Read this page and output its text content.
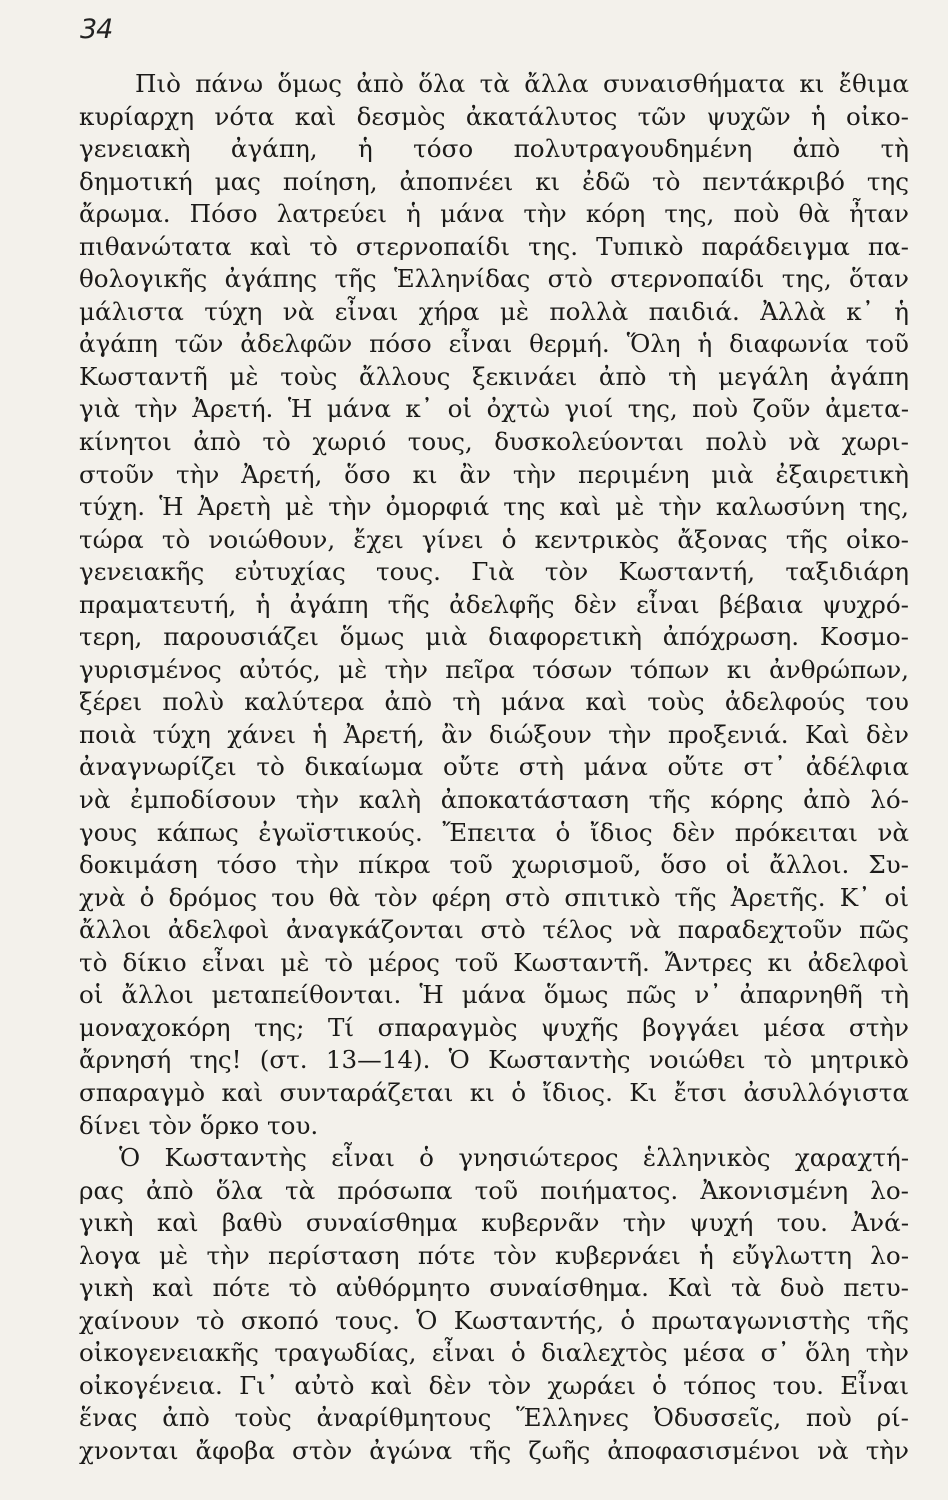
34
Πιὸ πάνω ὅμως ἀπὸ ὅλα τὰ ἄλλα συναισθήματα κι ἔθιμα
κυρίαρχη νότα καὶ δεσμὸς ἀκατάλυτος τῶν ψυχῶν ἡ οἰκο-
γενειακὴ ἀγάπη, ἡ τόσο πολυτραγουδημένη ἀπὸ τὴ
δημοτική μας ποίηση, ἀποπνέει κι ἐδῶ τὸ πεντάκριβό της
ἄρωμα. Πόσο λατρεύει ἡ μάνα τὴν κόρη της, ποὺ θὰ ἦταν
πιθανώτατα καὶ τὸ στερνοπαίδι της. Τυπικὸ παράδειγμα πα-
θολογικῆς ἀγάπης τῆς Ἑλληνίδας στὸ στερνοπαίδι της, ὅταν
μάλιστα τύχη νὰ εἶναι χήρα μὲ πολλὰ παιδιά. Ἀλλὰ κ᾿ ἡ
ἀγάπη τῶν ἀδελφῶν πόσο εἶναι θερμή. Ὅλη ἡ διαφωνία τοῦ
Κωσταντῆ μὲ τοὺς ἄλλους ξεκινάει ἀπὸ τὴ μεγάλη ἀγάπη
γιὰ τὴν Ἀρετή. Ἡ μάνα κ᾿ οἱ ὀχτὼ γιοί της, ποὺ ζοῦν ἀμετα-
κίνητοι ἀπὸ τὸ χωριό τους, δυσκολεύονται πολὺ νὰ χωρι-
στοῦν τὴν Ἀρετή, ὅσο κι ἂν τὴν περιμένη μιὰ ἐξαιρετικὴ
τύχη. Ἡ Ἀρετὴ μὲ τὴν ὀμορφιά της καὶ μὲ τὴν καλωσύνη της,
τώρα τὸ νοιώθουν, ἔχει γίνει ὁ κεντρικὸς ἄξονας τῆς οἰκο-
γενειακῆς εὐτυχίας τους. Γιὰ τὸν Κωσταντή, ταξιδιάρη
πραματευτή, ἡ ἀγάπη τῆς ἀδελφῆς δὲν εἶναι βέβαια ψυχρό-
τερη, παρουσιάζει ὅμως μιὰ διαφορετικὴ ἀπόχρωση. Κοσμο-
γυρισμένος αὐτός, μὲ τὴν πεῖρα τόσων τόπων κι ἀνθρώπων,
ξέρει πολὺ καλύτερα ἀπὸ τὴ μάνα καὶ τοὺς ἀδελφούς του
ποιὰ τύχη χάνει ἡ Ἀρετή, ἂν διώξουν τὴν προξενιά. Καὶ δὲν
ἀναγνωρίζει τὸ δικαίωμα οὔτε στὴ μάνα οὔτε στ᾿ ἀδέλφια
νὰ ἐμποδίσουν τὴν καλὴ ἀποκατάσταση τῆς κόρης ἀπὸ λό-
γους κάπως ἐγωϊστικούς. Ἔπειτα ὁ ἴδιος δὲν πρόκειται νὰ
δοκιμάση τόσο τὴν πίκρα τοῦ χωρισμοῦ, ὅσο οἱ ἄλλοι. Συ-
χνὰ ὁ δρόμος του θὰ τὸν φέρη στὸ σπιτικὸ τῆς Ἀρετῆς. Κ᾿ οἱ
ἄλλοι ἀδελφοὶ ἀναγκάζονται στὸ τέλος νὰ παραδεχτοῦν πῶς
τὸ δίκιο εἶναι μὲ τὸ μέρος τοῦ Κωσταντῆ. Ἄντρες κι ἀδελφοὶ
οἱ ἄλλοι μεταπείθονται. Ἡ μάνα ὅμως πῶς ν᾿ ἀπαρνηθῆ τὴ
μοναχοκόρη της; Τί σπαραγμὸς ψυχῆς βογγάει μέσα στὴν
ἄρνησή της! (στ. 13—14). Ὁ Κωσταντὴς νοιώθει τὸ μητρικὸ
σπαραγμὸ καὶ συνταράζεται κι ὁ ἴδιος. Κι ἔτσι ἀσυλλόγιστα
δίνει τὸν ὅρκο του.
Ὁ Κωσταντὴς εἶναι ὁ γνησιώτερος ἑλληνικὸς χαραχτή-
ρας ἀπὸ ὅλα τὰ πρόσωπα τοῦ ποιήματος. Ἀκονισμένη λο-
γικὴ καὶ βαθὺ συναίσθημα κυβερνᾶν τὴν ψυχή του. Ἀνά-
λογα μὲ τὴν περίσταση πότε τὸν κυβερνάει ἡ εὔγλωττη λο-
γικὴ καὶ πότε τὸ αὐθόρμητο συναίσθημα. Καὶ τὰ δυὸ πετυ-
χαίνουν τὸ σκοπό τους. Ὁ Κωσταντής, ὁ πρωταγωνιστὴς τῆς
οἰκογενειακῆς τραγωδίας, εἶναι ὁ διαλεχτὸς μέσα σ᾿ ὅλη τὴν
οἰκογένεια. Γι᾿ αὐτὸ καὶ δὲν τὸν χωράει ὁ τόπος του. Εἶναι
ἕνας ἀπὸ τοὺς ἀναρίθμητους Ἕλληνες Ὀδυσσεῖς, ποὺ ρί-
χνονται ἄφοβα στὸν ἀγώνα τῆς ζωῆς ἀποφασισμένοι νὰ τὴν
